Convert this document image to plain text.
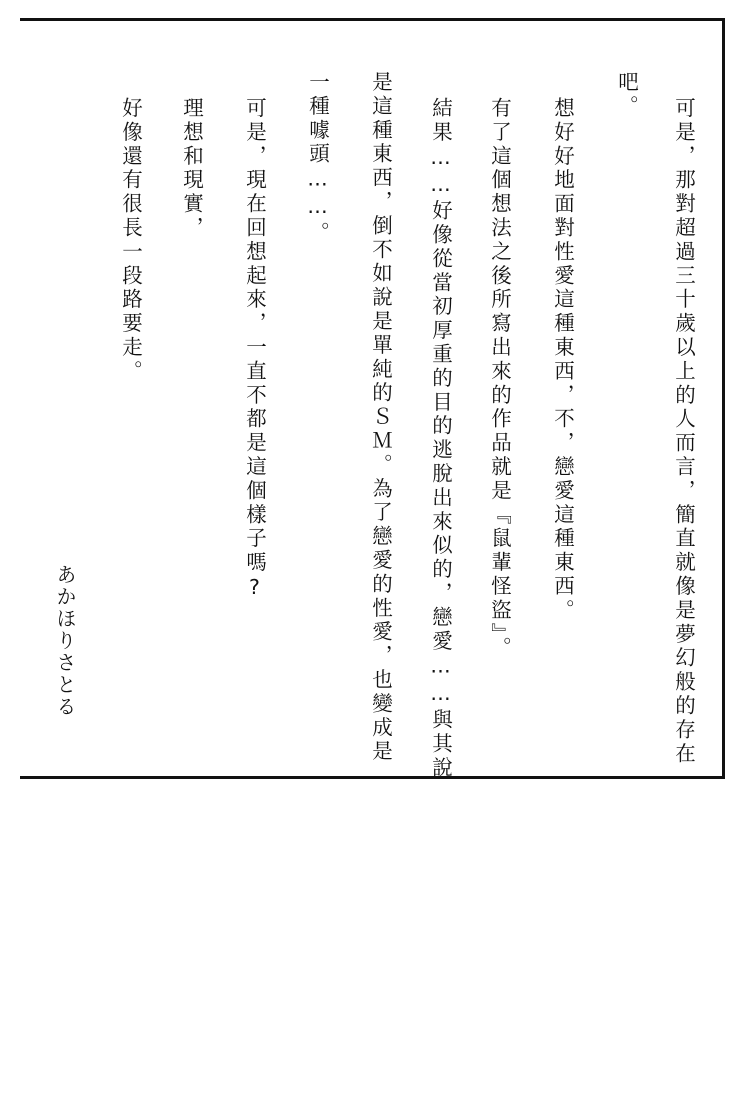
可是，那對超過三十歲以上的人而言，簡直就像是夢幻般的存在
吧。
想好好地面對性愛這種東西，不，戀愛這種東西。
有了這個想法之後所寫出來的作品就是『鼠輩怪盜』。
結果……好像從當初厚重的目的逃脫出來似的，戀愛……與其說
是這種東西，倒不如說是單純的ＳＭ。為了戀愛的性愛，也變成是
一種噱頭……。
可是，現在回想起來，一直不都是這個樣子嗎?
理想和現實，
好像還有很長一段路要走。
あかほりさとる
